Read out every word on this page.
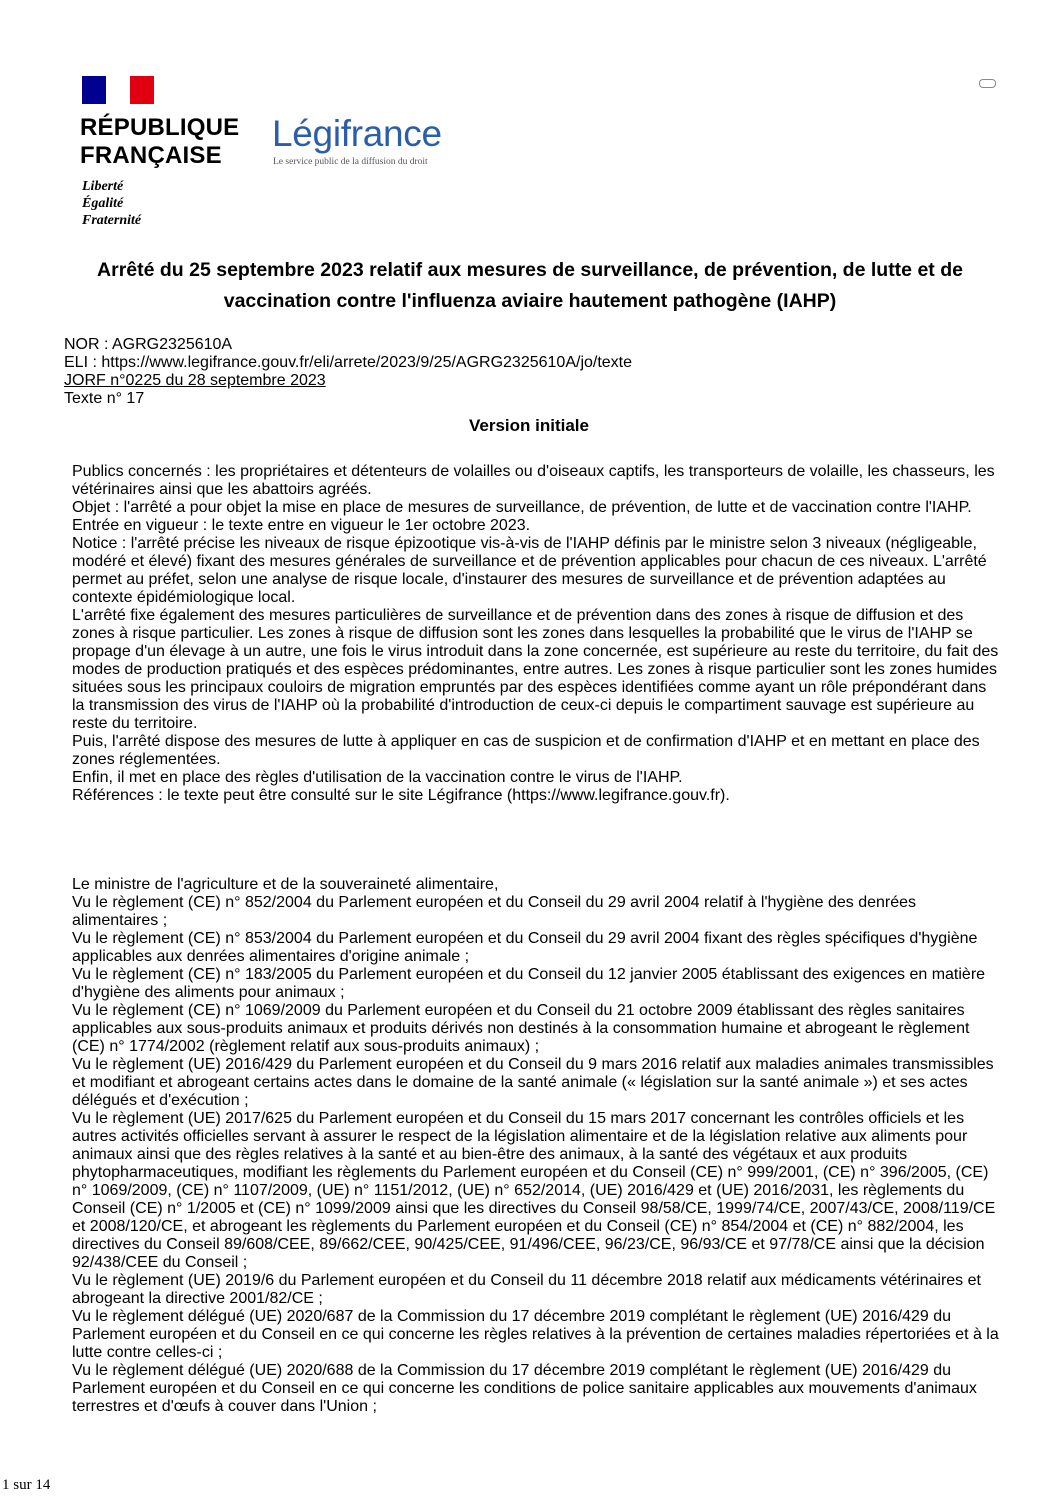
RÉPUBLIQUE
FRANÇAISE
Liberté
Égalité
Fraternité
Légifrance
Le service public de la diffusion du droit
Arrêté du 25 septembre 2023 relatif aux mesures de surveillance, de prévention, de lutte et de vaccination contre l'influenza aviaire hautement pathogène (IAHP)
NOR : AGRG2325610A
ELI : https://www.legifrance.gouv.fr/eli/arrete/2023/9/25/AGRG2325610A/jo/texte
JORF n°0225 du 28 septembre 2023
Texte n° 17
Version initiale

Publics concernés : les propriétaires et détenteurs de volailles ou d'oiseaux captifs, les transporteurs de volaille, les chasseurs, les vétérinaires ainsi que les abattoirs agréés.

Objet : l'arrêté a pour objet la mise en place de mesures de surveillance, de prévention, de lutte et de vaccination contre l'IAHP.

Entrée en vigueur : le texte entre en vigueur le 1er octobre 2023.

Notice : l'arrêté précise les niveaux de risque épizootique vis-à-vis de l'IAHP définis par le ministre selon 3 niveaux (négligeable, modéré et élevé) fixant des mesures générales de surveillance et de prévention applicables pour chacun de ces niveaux. L'arrêté permet au préfet, selon une analyse de risque locale, d'instaurer des mesures de surveillance et de prévention adaptées au contexte épidémiologique local.

L'arrêté fixe également des mesures particulières de surveillance et de prévention dans des zones à risque de diffusion et des zones à risque particulier. Les zones à risque de diffusion sont les zones dans lesquelles la probabilité que le virus de l'IAHP se propage d'un élevage à un autre, une fois le virus introduit dans la zone concernée, est supérieure au reste du territoire, du fait des modes de production pratiqués et des espèces prédominantes, entre autres. Les zones à risque particulier sont les zones humides situées sous les principaux couloirs de migration empruntés par des espèces identifiées comme ayant un rôle prépondérant dans la transmission des virus de l'IAHP où la probabilité d'introduction de ceux-ci depuis le compartiment sauvage est supérieure au reste du territoire.

Puis, l'arrêté dispose des mesures de lutte à appliquer en cas de suspicion et de confirmation d'IAHP et en mettant en place des zones réglementées.

Enfin, il met en place des règles d'utilisation de la vaccination contre le virus de l'IAHP.

Références : le texte peut être consulté sur le site Légifrance (https://www.legifrance.gouv.fr).

Le ministre de l'agriculture et de la souveraineté alimentaire,

Vu le règlement (CE) n° 852/2004 du Parlement européen et du Conseil du 29 avril 2004 relatif à l'hygiène des denrées alimentaires ;

Vu le règlement (CE) n° 853/2004 du Parlement européen et du Conseil du 29 avril 2004 fixant des règles spécifiques d'hygiène applicables aux denrées alimentaires d'origine animale ;

Vu le règlement (CE) n° 183/2005 du Parlement européen et du Conseil du 12 janvier 2005 établissant des exigences en matière d'hygiène des aliments pour animaux ;

Vu le règlement (CE) n° 1069/2009 du Parlement européen et du Conseil du 21 octobre 2009 établissant des règles sanitaires applicables aux sous-produits animaux et produits dérivés non destinés à la consommation humaine et abrogeant le règlement (CE) n° 1774/2002 (règlement relatif aux sous-produits animaux) ;

Vu le règlement (UE) 2016/429 du Parlement européen et du Conseil du 9 mars 2016 relatif aux maladies animales transmissibles et modifiant et abrogeant certains actes dans le domaine de la santé animale (« législation sur la santé animale ») et ses actes délégués et d'exécution ;

Vu le règlement (UE) 2017/625 du Parlement européen et du Conseil du 15 mars 2017 concernant les contrôles officiels et les autres activités officielles servant à assurer le respect de la législation alimentaire et de la législation relative aux aliments pour animaux ainsi que des règles relatives à la santé et au bien-être des animaux, à la santé des végétaux et aux produits phytopharmaceutiques, modifiant les règlements du Parlement européen et du Conseil (CE) n° 999/2001, (CE) n° 396/2005, (CE) n° 1069/2009, (CE) n° 1107/2009, (UE) n° 1151/2012, (UE) n° 652/2014, (UE) 2016/429 et (UE) 2016/2031, les règlements du Conseil (CE) n° 1/2005 et (CE) n° 1099/2009 ainsi que les directives du Conseil 98/58/CE, 1999/74/CE, 2007/43/CE, 2008/119/CE et 2008/120/CE, et abrogeant les règlements du Parlement européen et du Conseil (CE) n° 854/2004 et (CE) n° 882/2004, les directives du Conseil 89/608/CEE, 89/662/CEE, 90/425/CEE, 91/496/CEE, 96/23/CE, 96/93/CE et 97/78/CE ainsi que la décision 92/438/CEE du Conseil ;

Vu le règlement (UE) 2019/6 du Parlement européen et du Conseil du 11 décembre 2018 relatif aux médicaments vétérinaires et abrogeant la directive 2001/82/CE ;

Vu le règlement délégué (UE) 2020/687 de la Commission du 17 décembre 2019 complétant le règlement (UE) 2016/429 du Parlement européen et du Conseil en ce qui concerne les règles relatives à la prévention de certaines maladies répertoriées et à la lutte contre celles-ci ;

Vu le règlement délégué (UE) 2020/688 de la Commission du 17 décembre 2019 complétant le règlement (UE) 2016/429 du Parlement européen et du Conseil en ce qui concerne les conditions de police sanitaire applicables aux mouvements d'animaux terrestres et d'œufs à couver dans l'Union ;

1 sur 14
